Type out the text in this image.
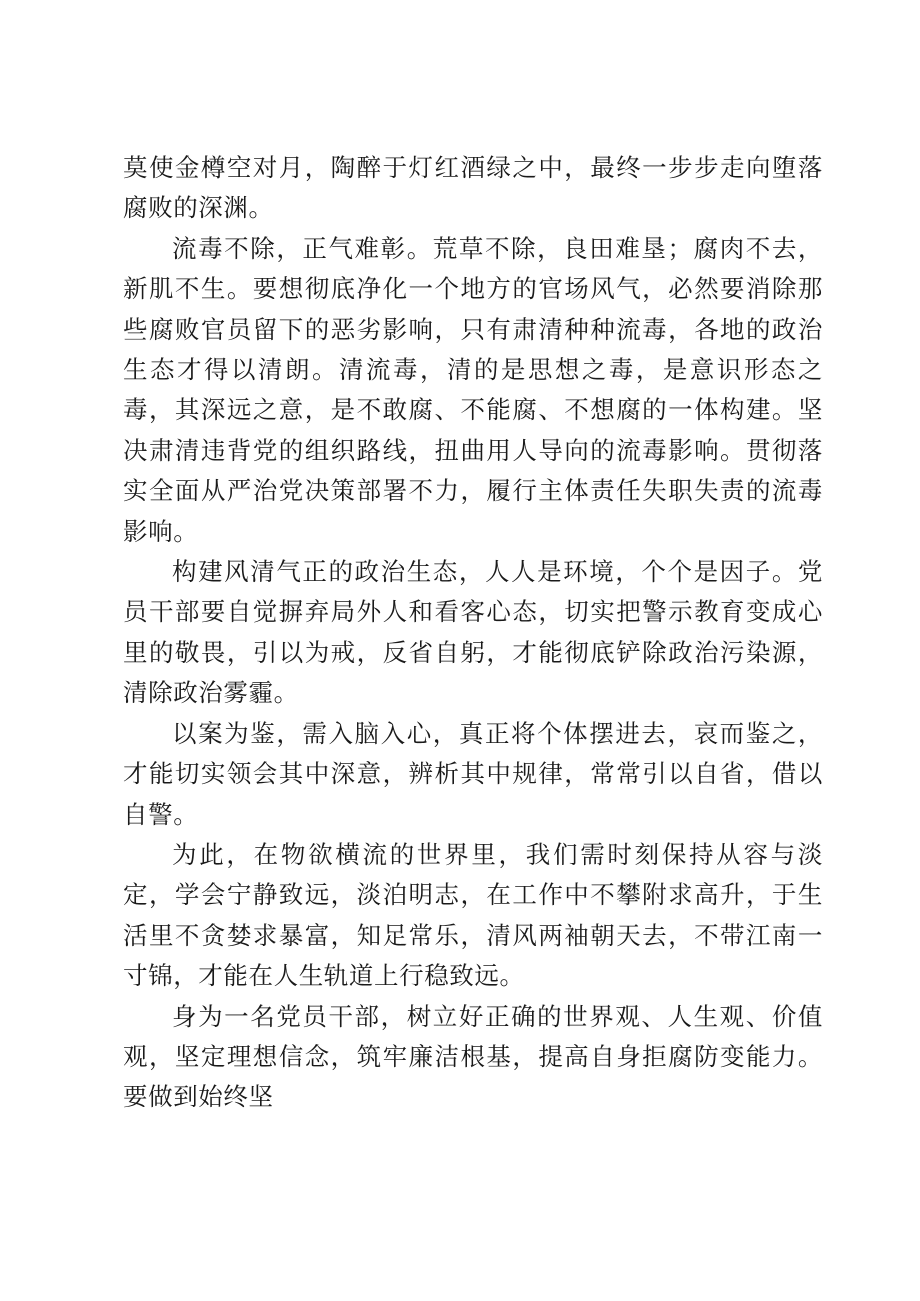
莫使金樽空对月，陶醉于灯红酒绿之中，最终一步步走向堕落腐败的深渊。

流毒不除，正气难彰。荒草不除，良田难垦；腐肉不去，新肌不生。要想彻底净化一个地方的官场风气，必然要消除那些腐败官员留下的恶劣影响，只有肃清种种流毒，各地的政治生态才得以清朗。清流毒，清的是思想之毒，是意识形态之毒，其深远之意，是不敢腐、不能腐、不想腐的一体构建。坚决肃清违背党的组织路线，扭曲用人导向的流毒影响。贯彻落实全面从严治党决策部署不力，履行主体责任失职失责的流毒影响。

构建风清气正的政治生态，人人是环境，个个是因子。党员干部要自觉摒弃局外人和看客心态，切实把警示教育变成心里的敬畏，引以为戒，反省自躬，才能彻底铲除政治污染源，清除政治雾霾。

以案为鉴，需入脑入心，真正将个体摆进去，哀而鉴之，才能切实领会其中深意，辨析其中规律，常常引以自省，借以自警。

为此，在物欲横流的世界里，我们需时刻保持从容与淡定，学会宁静致远，淡泊明志，在工作中不攀附求高升，于生活里不贪婪求暴富，知足常乐，清风两袖朝天去，不带江南一寸锦，才能在人生轨道上行稳致远。

身为一名党员干部，树立好正确的世界观、人生观、价值观，坚定理想信念，筑牢廉洁根基，提高自身拒腐防变能力。要做到始终坚
